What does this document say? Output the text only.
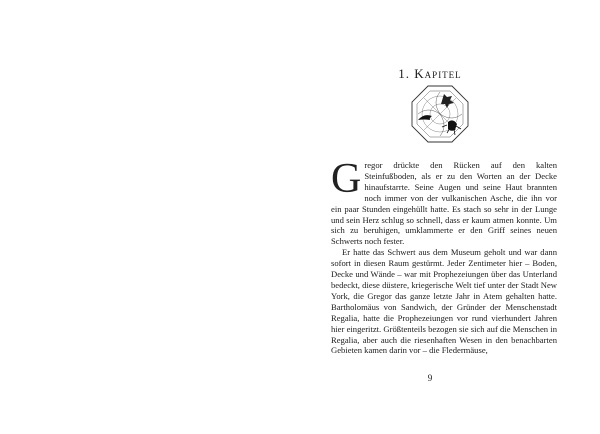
1. Kapitel

G regor drückte den Rücken auf den kalten Steinfußboden, als er zu den Worten an der Decke hinaufstarrte. Seine Augen und seine Haut brannten noch immer von der vulkanischen Asche, die ihn vor ein paar Stunden eingehüllt hatte. Es stach so sehr in der Lunge und sein Herz schlug so schnell, dass er kaum atmen konnte. Um sich zu beruhigen, umklammerte er den Griff seines neuen Schwerts noch fester.

Er hatte das Schwert aus dem Museum geholt und war dann sofort in diesen Raum gestürmt. Jeder Zentimeter hier – Boden, Decke und Wände – war mit Prophezeiungen über das Unterland bedeckt, diese düstere, kriegerische Welt tief unter der Stadt New York, die Gregor das ganze letzte Jahr in Atem gehalten hatte. Bartholomäus von Sandwich, der Gründer der Menschenstadt Regalia, hatte die Prophezeiungen vor rund vierhundert Jahren hier eingeritzt. Größtenteils bezogen sie sich auf die Menschen in Regalia, aber auch die riesenhaften Wesen in den benachbarten Gebieten kamen darin vor – die Fledermäuse,

9
